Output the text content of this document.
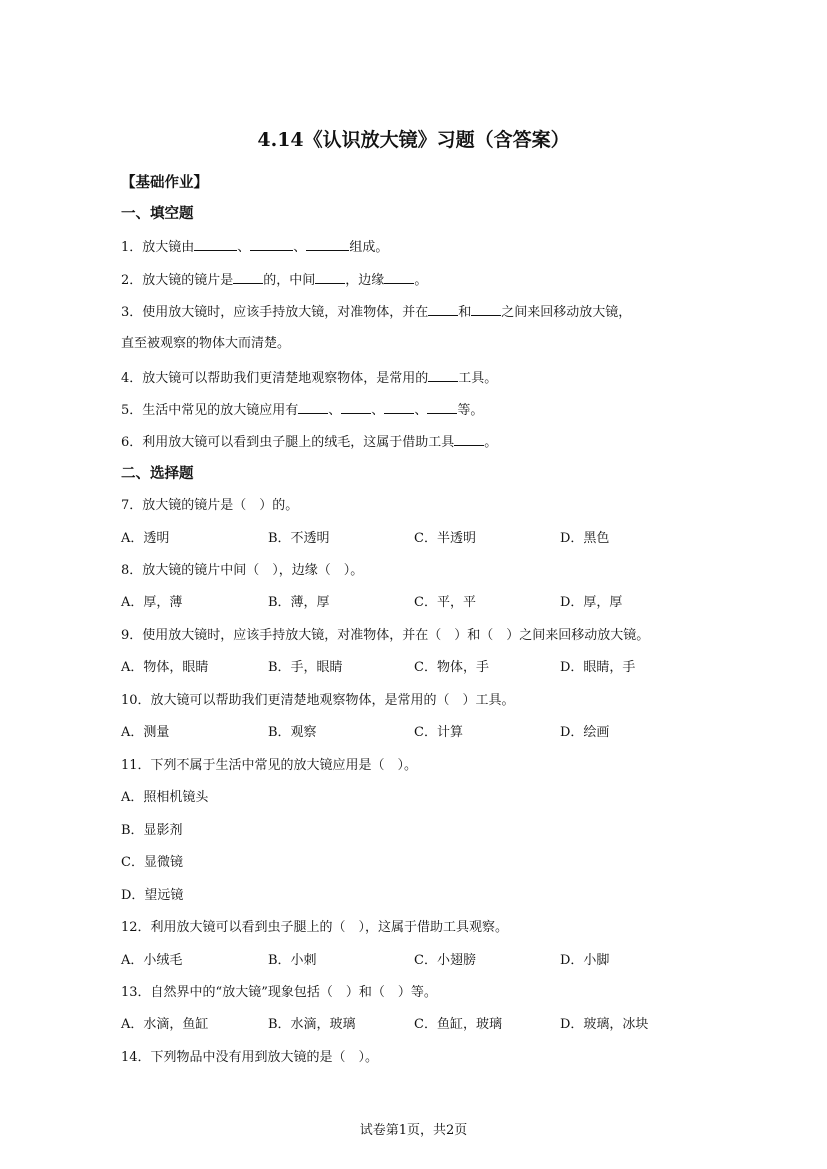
4.14《认识放大镜》习题（含答案）
【基础作业】
一、填空题
1．放大镜由	、	、	组成。
2．放大镜的镜片是 的，中间 ，边缘 。
3．使用放大镜时，应该手持放大镜，对准物体，并在 和 之间来回移动放大镜，
直至被观察的物体大而清楚。
4．放大镜可以帮助我们更清楚地观察物体，是常用的 工具。
5．生活中常见的放大镜应用有 、 、 、 等。
6．利用放大镜可以看到虫子腿上的绒毛，这属于借助工具 。
二、选择题
7．放大镜的镜片是（　）的。
A．透明	B．不透明	C．半透明	D．黑色
8．放大镜的镜片中间（　），边缘（　）。
A．厚，薄	B．薄，厚	C．平，平	D．厚，厚
9．使用放大镜时，应该手持放大镜，对准物体，并在（　）和（　）之间来回移动放大镜。
A．物体，眼睛	B．手，眼睛	C．物体，手	D．眼睛，手
10．放大镜可以帮助我们更清楚地观察物体，是常用的（　）工具。
A．测量	B．观察	C．计算	D．绘画
11．下列不属于生活中常见的放大镜应用是（　）。
A．照相机镜头
B．显影剂
C．显微镜
D．望远镜
12．利用放大镜可以看到虫子腿上的（　），这属于借助工具观察。
A．小绒毛	B．小刺	C．小翅膀	D．小脚
13．自然界中的“放大镜”现象包括（　）和（　）等。
A．水滴，鱼缸	B．水滴，玻璃	C．鱼缸，玻璃	D．玻璃，冰块
14．下列物品中没有用到放大镜的是（　）。
试卷第1页，共2页
